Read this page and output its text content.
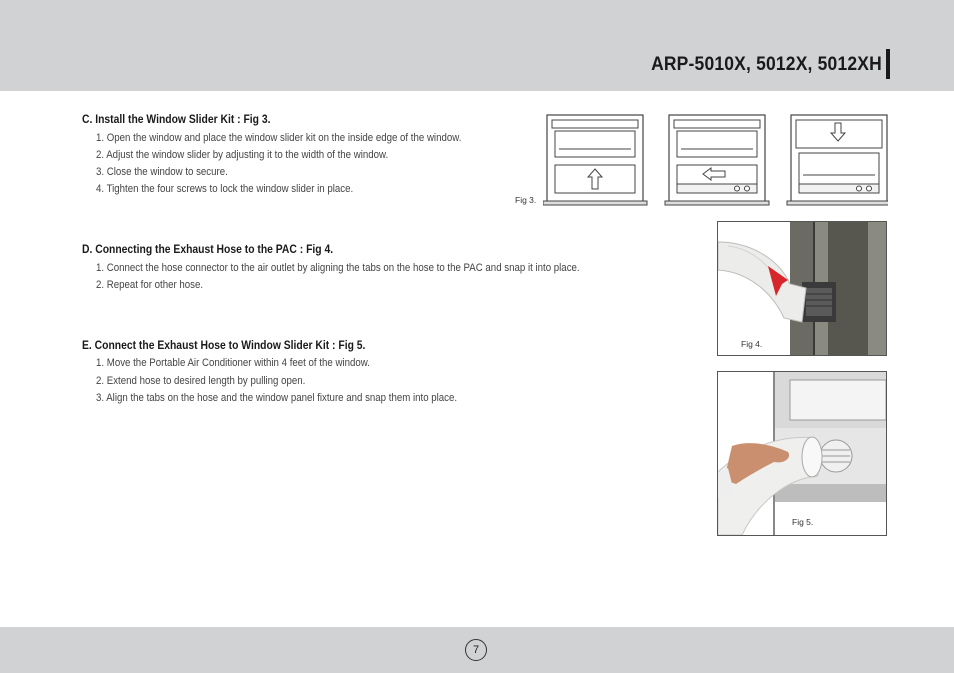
ARP-5010X, 5012X, 5012XH
C. Install the Window Slider Kit : Fig 3.
1. Open the window and place the window slider kit on the inside edge of the window.
2. Adjust the window slider by adjusting it to the width of the window.
3. Close the window to secure.
4. Tighten the four screws to lock the window slider in place.
D. Connecting the Exhaust Hose to the PAC : Fig 4.
1. Connect the hose connector to the air outlet by aligning the tabs on the hose to the PAC and snap it into place.
2. Repeat for other hose.
E. Connect the Exhaust Hose to Window Slider Kit : Fig 5.
1. Move the Portable Air Conditioner within 4 feet of the window.
2. Extend hose to desired length by pulling open.
3. Align the tabs on the hose and the window panel fixture and snap them into place.
Fig 3.
Fig 4.
Fig 5.
7
